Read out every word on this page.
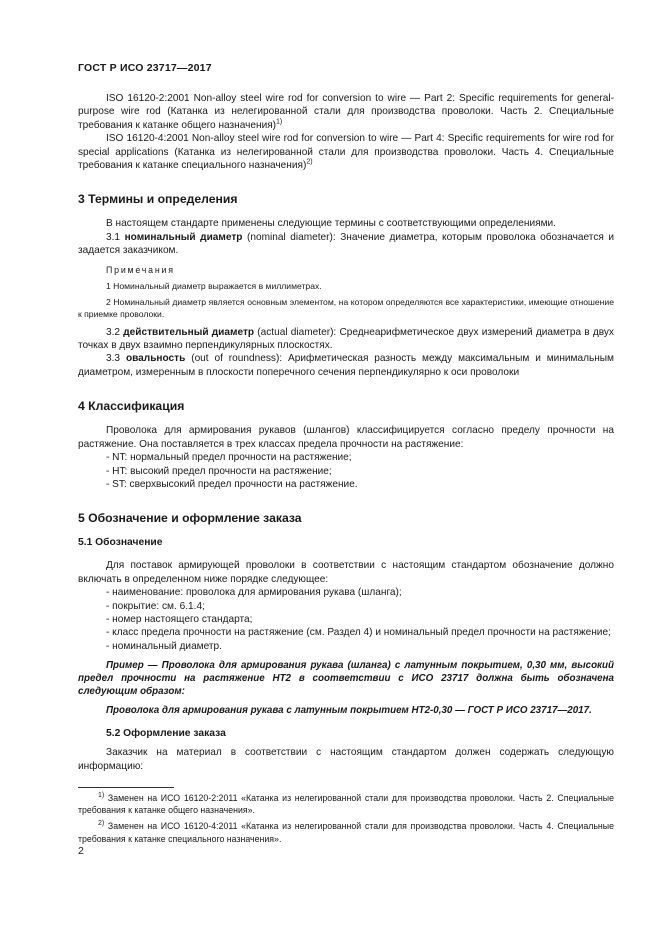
ГОСТ Р ИСО 23717—2017

ISO 16120-2:2001 Non-alloy steel wire rod for conversion to wire — Part 2: Specific requirements for general-purpose wire rod (Катанка из нелегированной стали для производства проволоки. Часть 2. Специальные требования к катанке общего назначения)$^{1)}$

ISO 16120-4:2001 Non-alloy steel wire rod for conversion to wire — Part 4: Specific requirements for wire rod for special applications (Катанка из нелегированной стали для производства проволоки. Часть 4. Специальные требования к катанке специального назначения)$^{2)}$

3 Термины и определения

В настоящем стандарте применены следующие термины с соответствующими определениями.

3.1 номинальный диаметр (nominal diameter): Значение диаметра, которым проволока обозначается и задается заказчиком.

Примечания

1 Номинальный диаметр выражается в миллиметрах.

2 Номинальный диаметр является основным элементом, на котором определяются все характеристики, имеющие отношение к приемке проволоки.

3.2 действительный диаметр (actual diameter): Среднеарифметическое двух измерений диаметра в двух точках в двух взаимно перпендикулярных плоскостях.

3.3 овальность (out of roundness): Арифметическая разность между максимальным и минимальным диаметром, измеренным в плоскости поперечного сечения перпендикулярно к оси проволоки

4 Классификация

Проволока для армирования рукавов (шлангов) классифицируется согласно пределу прочности на растяжение. Она поставляется в трех классах предела прочности на растяжение:

- NT: нормальный предел прочности на растяжение;

- HT: высокий предел прочности на растяжение;

- ST: сверхвысокий предел прочности на растяжение.

5 Обозначение и оформление заказа
5.1 Обозначение

Для поставок армирующей проволоки в соответствии с настоящим стандартом обозначение должно включать в определенном ниже порядке следующее:

- наименование: проволока для армирования рукава (шланга);

- покрытие: см. 6.1.4;

- номер настоящего стандарта;

- класс предела прочности на растяжение (см. Раздел 4) и номинальный предел прочности на растяжение;

- номинальный диаметр.

Пример — Проволока для армирования рукава (шланга) с латунным покрытием, 0,30 мм, высокий предел прочности на растяжение HT2 в соответствии с ИСО 23717 должна быть обозначена следующим образом:

Проволока для армирования рукава с латунным покрытием HT2-0,30 — ГОСТ Р ИСО 23717—2017.

5.2 Оформление заказа

Заказчик на материал в соответствии с настоящим стандартом должен содержать следующую информацию:

$^{1)}$ Заменен на ИСО 16120-2:2011 «Катанка из нелегированной стали для производства проволоки. Часть 2. Специальные требования к катанке общего назначения».

$^{2)}$ Заменен на ИСО 16120-4:2011 «Катанка из нелегированной стали для производства проволоки. Часть 4. Специальные требования к катанке специального назначения».

2
